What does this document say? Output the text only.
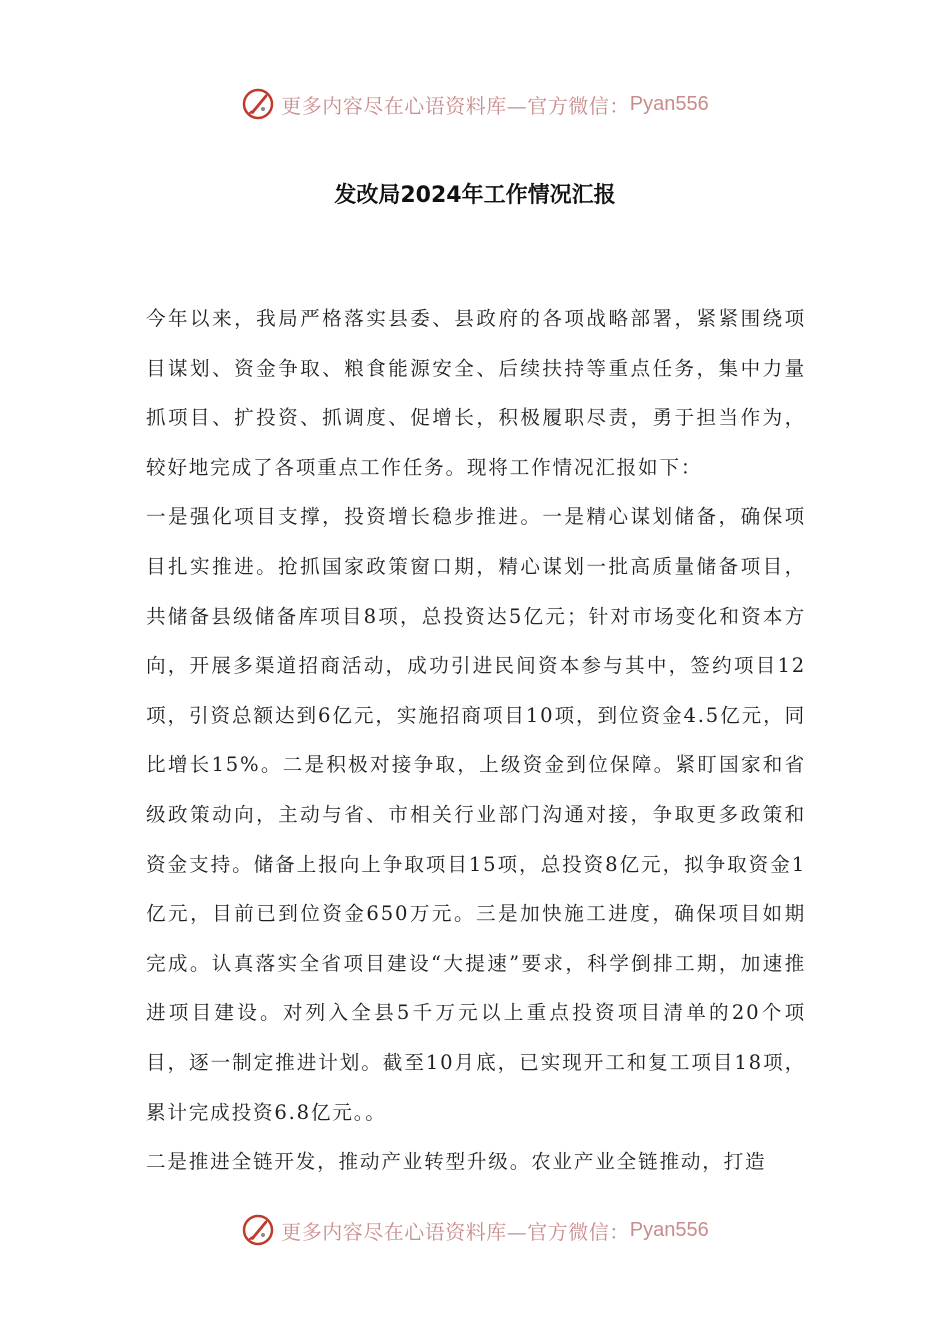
更多内容尽在心语资料库—官方微信： Pyan556
发改局2024年工作情况汇报

今年以来，我局严格落实县委、县政府的各项战略部署，紧紧围绕项目谋划、资金争取、粮食能源安全、后续扶持等重点任务，集中力量抓项目、扩投资、抓调度、促增长，积极履职尽责，勇于担当作为，较好地完成了各项重点工作任务。现将工作情况汇报如下：

一是强化项目支撑，投资增长稳步推进。一是精心谋划储备，确保项目扎实推进。抢抓国家政策窗口期，精心谋划一批高质量储备项目，共储备县级储备库项目8项，总投资达5亿元；针对市场变化和资本方向，开展多渠道招商活动，成功引进民间资本参与其中，签约项目12项，引资总额达到6亿元，实施招商项目10项，到位资金4.5亿元，同比增长15%。二是积极对接争取，上级资金到位保障。紧盯国家和省级政策动向，主动与省、市相关行业部门沟通对接，争取更多政策和资金支持。储备上报向上争取项目15项，总投资8亿元，拟争取资金1亿元，目前已到位资金650万元。三是加快施工进度，确保项目如期完成。认真落实全省项目建设“大提速”要求，科学倒排工期，加速推进项目建设。对列入全县5千万元以上重点投资项目清单的20个项目，逐一制定推进计划。截至10月底，已实现开工和复工项目18项，累计完成投资6.8亿元。。

二是推进全链开发，推动产业转型升级。农业产业全链推动，打造

更多内容尽在心语资料库—官方微信： Pyan556
